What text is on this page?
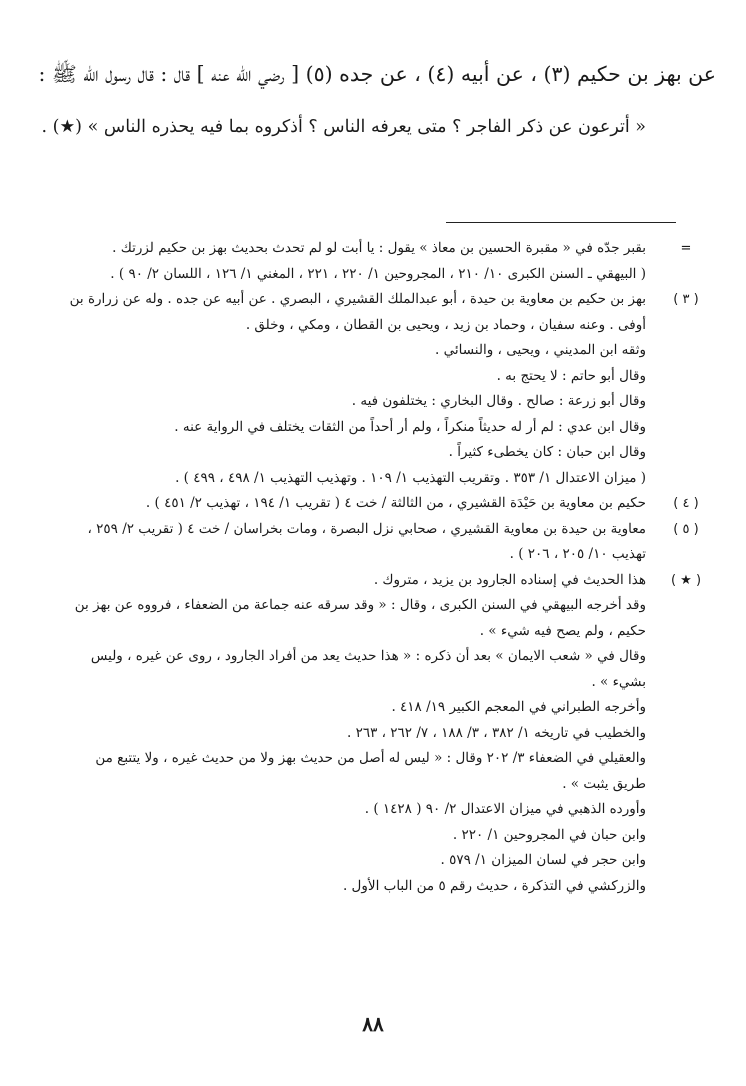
عن بهز بن حكيم (٣) ، عن أبيه (٤) ، عن جده (٥) [ رضي الله عنه ] قال : قال رسول الله ﷺ :
« أترعون عن ذكر الفاجر ؟ متى يعرفه الناس ؟ أذكروه بما فيه يحذره الناس » (★) .
=
بقبر جدّه في « مقبرة الحسين بن معاذ » يقول : يا أبت لو لم تحدث بحديث بهز بن حكيم لزرتك .
( البيهقي ـ السنن الكبرى ١٠/ ٢١٠ ، المجروحين ١/ ٢٢٠ ، ٢٢١ ، المغني ١/ ١٢٦ ، اللسان ٢/ ٩٠ ) .
( ٣ )
بهز بن حكيم بن معاوية بن حيدة ، أبو عبدالملك القشيري ، البصري . عن أبيه عن جده . وله عن زرارة بن
أوفى . وعنه سفيان ، وحماد بن زيد ، ويحيى بن القطان ، ومكي ، وخلق .
وثقه ابن المديني ، ويحيى ، والنسائي .
وقال أبو حاتم : لا يحتج به .
وقال أبو زرعة : صالح . وقال البخاري : يختلفون فيه .
وقال ابن عدي : لم أر له حديثاً منكراً ، ولم أر أحداً من الثقات يختلف في الرواية عنه .
وقال ابن حبان : كان يخطىء كثيراً .
( ميزان الاعتدال ١/ ٣٥٣ . وتقريب التهذيب ١/ ١٠٩ . وتهذيب التهذيب ١/ ٤٩٨ ، ٤٩٩ ) .
( ٤ )
حكيم بن معاوية بن حَيْدَة القشيري ، من الثالثة / خت ٤ ( تقريب ١/ ١٩٤ ، تهذيب ٢/ ٤٥١ ) .
( ٥ )
معاوية بن حيدة بن معاوية القشيري ، صحابي نزل البصرة ، ومات بخراسان / خت ٤ ( تقريب ٢/ ٢٥٩ ،
تهذيب ١٠/ ٢٠٥ ، ٢٠٦ ) .
( ★ )
هذا الحديث في إسناده الجارود بن يزيد ، متروك .
وقد أخرجه البيهقي في السنن الكبرى ، وقال : « وقد سرقه عنه جماعة من الضعفاء ، فرووه عن بهز بن
حكيم ، ولم يصح فيه شيء » .
وقال في « شعب الايمان » بعد أن ذكره : « هذا حديث يعد من أفراد الجارود ، روى عن غيره ، وليس
بشيء » .
وأخرجه الطبراني في المعجم الكبير ١٩/ ٤١٨ .
والخطيب في تاريخه ١/ ٣٨٢ ، ٣/ ١٨٨ ، ٧/ ٢٦٢ ، ٢٦٣ .
والعقيلي في الضعفاء ٣/ ٢٠٢ وقال : « ليس له أصل من حديث بهز ولا من حديث غيره ، ولا يتتبع من
طريق يثبت » .
وأورده الذهبي في ميزان الاعتدال ٢/ ٩٠ ( ١٤٢٨ ) .
وابن حبان في المجروحين ١/ ٢٢٠ .
وابن حجر في لسان الميزان ١/ ٥٧٩ .
والزركشي في التذكرة ، حديث رقم ٥ من الباب الأول .
٨٨
